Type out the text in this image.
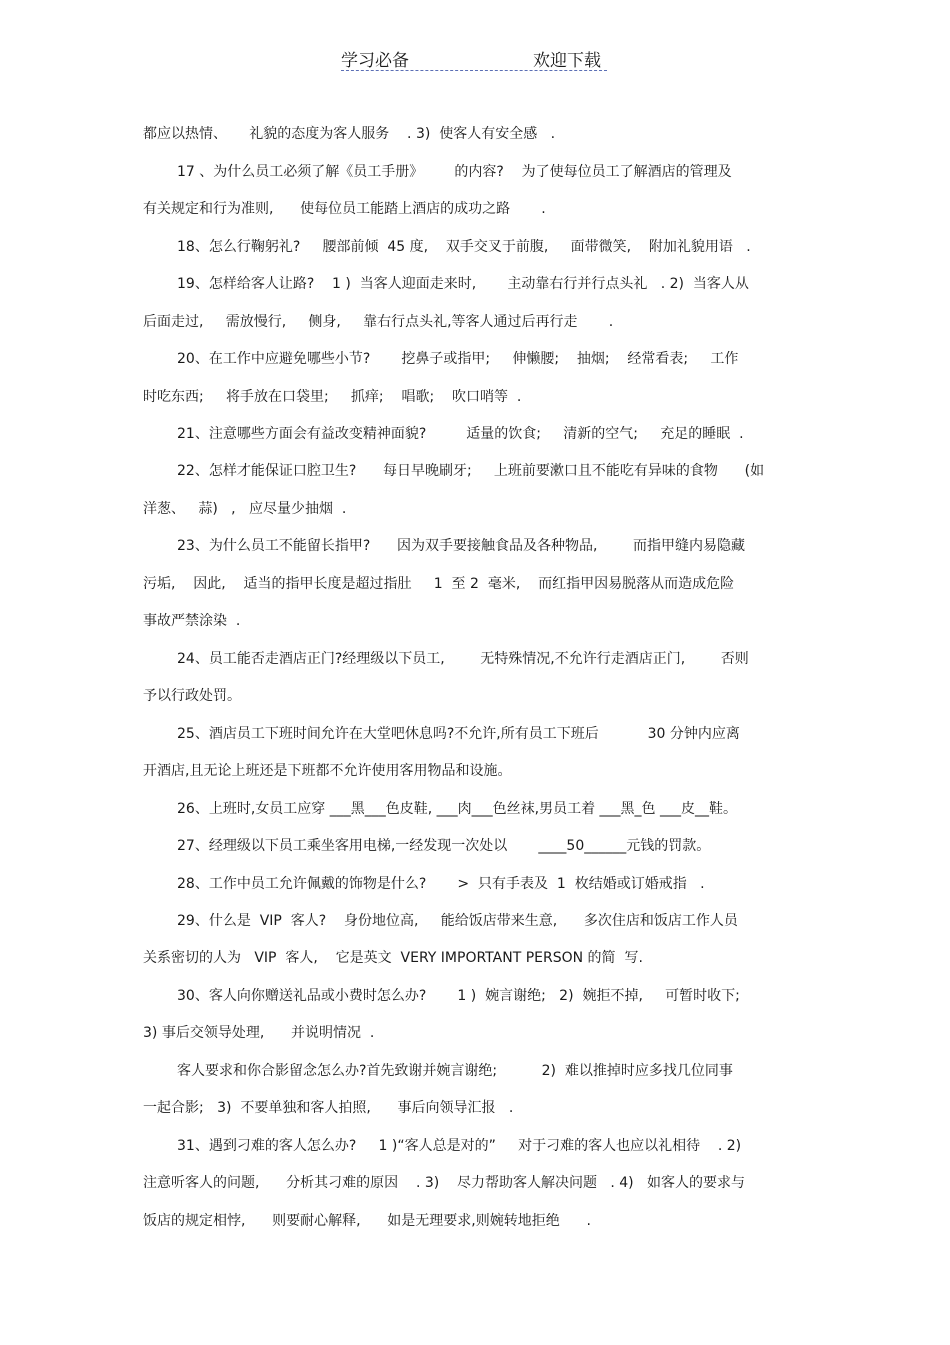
学习必备	欢迎下载
都应以热情、     礼貌的态度为客人服务    . 3)  使客人有安全感   .
17 、为什么员工必须了解《员工手册》       的内容?    为了使每位员工了解酒店的管理及
有关规定和行为准则,      使每位员工能踏上酒店的成功之路       .
18、怎么行鞠躬礼?     腰部前倾  45 度,    双手交叉于前腹,     面带微笑,    附加礼貌用语   .
19、怎样给客人让路?    1 )  当客人迎面走来时,       主动靠右行并行点头礼   . 2)  当客人从
后面走过,     需放慢行,     侧身,     靠右行点头礼,等客人通过后再行走       .
20、在工作中应避免哪些小节?       挖鼻子或指甲;     伸懒腰;    抽烟;    经常看表;     工作
时吃东西;     将手放在口袋里;     抓痒;    唱歌;    吹口哨等  .
21、注意哪些方面会有益改变精神面貌?         适量的饮食;     清新的空气;     充足的睡眠  .
22、怎样才能保证口腔卫生?      每日早晚刷牙;     上班前要漱口且不能吃有异味的食物      (如
洋葱、   蒜)   ,   应尽量少抽烟  .
23、为什么员工不能留长指甲?      因为双手要接触食品及各种物品,        而指甲缝内易隐藏
污垢,    因此,    适当的指甲长度是超过指肚     1  至 2  毫米,    而红指甲因易脱落从而造成危险
事故严禁涂染  .
24、员工能否走酒店正门?经理级以下员工,        无特殊情况,不允许行走酒店正门,        否则
予以行政处罚。
25、酒店员工下班时间允许在大堂吧休息吗?不允许,所有员工下班后           30 分钟内应离
开酒店,且无论上班还是下班都不允许使用客用物品和设施。
26、上班时,女员工应穿 ___黑___色皮鞋, ___肉___色丝袜,男员工着 ___黑_色 ___皮__鞋。
27、经理级以下员工乘坐客用电梯,一经发现一次处以       ____50______元钱的罚款。
28、工作中员工允许佩戴的饰物是什么?       >  只有手表及  1  枚结婚或订婚戒指   .
29、什么是  VIP  客人?    身份地位高,     能给饭店带来生意,      多次住店和饭店工作人员
关系密切的人为   VIP  客人,    它是英文  VERY IMPORTANT PERSON 的简  写.
30、客人向你赠送礼品或小费时怎么办?       1 )  婉言谢绝;   2)  婉拒不掉,     可暂时收下;
3) 事后交领导处理,      并说明情况  .
客人要求和你合影留念怎么办?首先致谢并婉言谢绝;          2)  难以推掉时应多找几位同事
一起合影;   3)  不要单独和客人拍照,      事后向领导汇报   .
31、遇到刁难的客人怎么办?     1 )“客人总是对的”     对于刁难的客人也应以礼相待    . 2)
注意听客人的问题,      分析其刁难的原因    . 3)    尽力帮助客人解决问题   . 4)   如客人的要求与
饭店的规定相悖,      则要耐心解释,      如是无理要求,则婉转地拒绝      .
